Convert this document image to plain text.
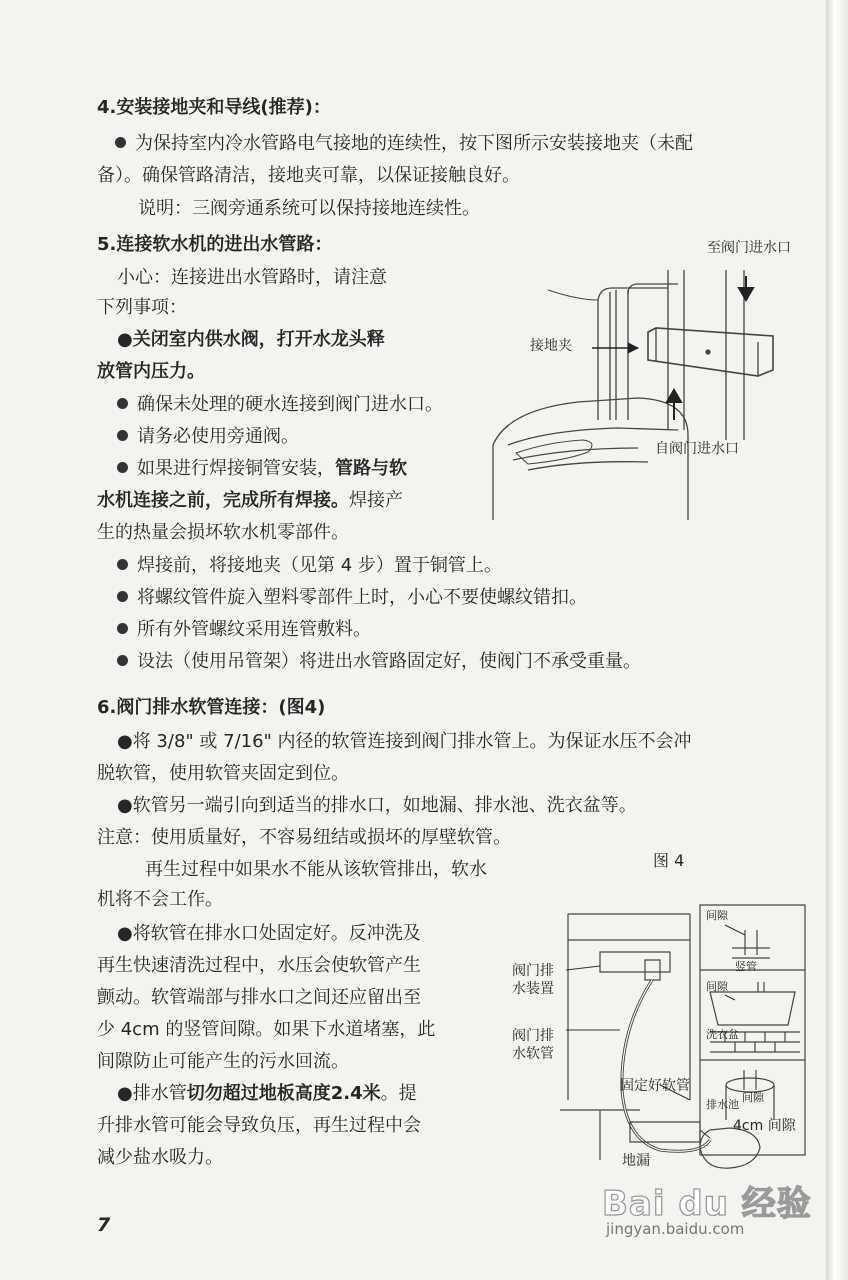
4.安装接地夹和导线(推荐)：
为保持室内冷水管路电气接地的连续性，按下图所示安装接地夹（未配
备）。确保管路清洁，接地夹可靠，以保证接触良好。
说明：三阀旁通系统可以保持接地连续性。
5.连接软水机的进出水管路：
小心：连接进出水管路时，请注意
下列事项：
●关闭室内供水阀，打开水龙头释
放管内压力。
确保未处理的硬水连接到阀门进水口。
请务必使用旁通阀。
如果进行焊接铜管安装，管路与软
水机连接之前，完成所有焊接。焊接产
生的热量会损坏软水机零部件。
焊接前，将接地夹（见第 4 步）置于铜管上。
将螺纹管件旋入塑料零部件上时，小心不要使螺纹错扣。
所有外管螺纹采用连管敷料。
设法（使用吊管架）将进出水管路固定好，使阀门不承受重量。
至阀门进水口
接地夹
自阀门进水口
6.阀门排水软管连接：(图4)
●将 3/8" 或 7/16" 内径的软管连接到阀门排水管上。为保证水压不会冲
脱软管，使用软管夹固定到位。
●软管另一端引向到适当的排水口，如地漏、排水池、洗衣盆等。
注意：使用质量好，不容易纽结或损坏的厚壁软管。
再生过程中如果水不能从该软管排出，软水
机将不会工作。
●将软管在排水口处固定好。反冲洗及
再生快速清洗过程中，水压会使软管产生
颤动。软管端部与排水口之间还应留出至
少 4cm 的竖管间隙。如果下水道堵塞，此
间隙防止可能产生的污水回流。
●排水管切勿超过地板高度2.4米。提
升排水管可能会导致负压，再生过程中会
减少盐水吸力。
图 4
阀门排
水装置
阀门排
水软管
固定好软管
地漏
4cm 间隙
间隙
竖管
间隙
洗衣盆
排水池
间隙
7
Bai du 经验
jingyan.baidu.com
